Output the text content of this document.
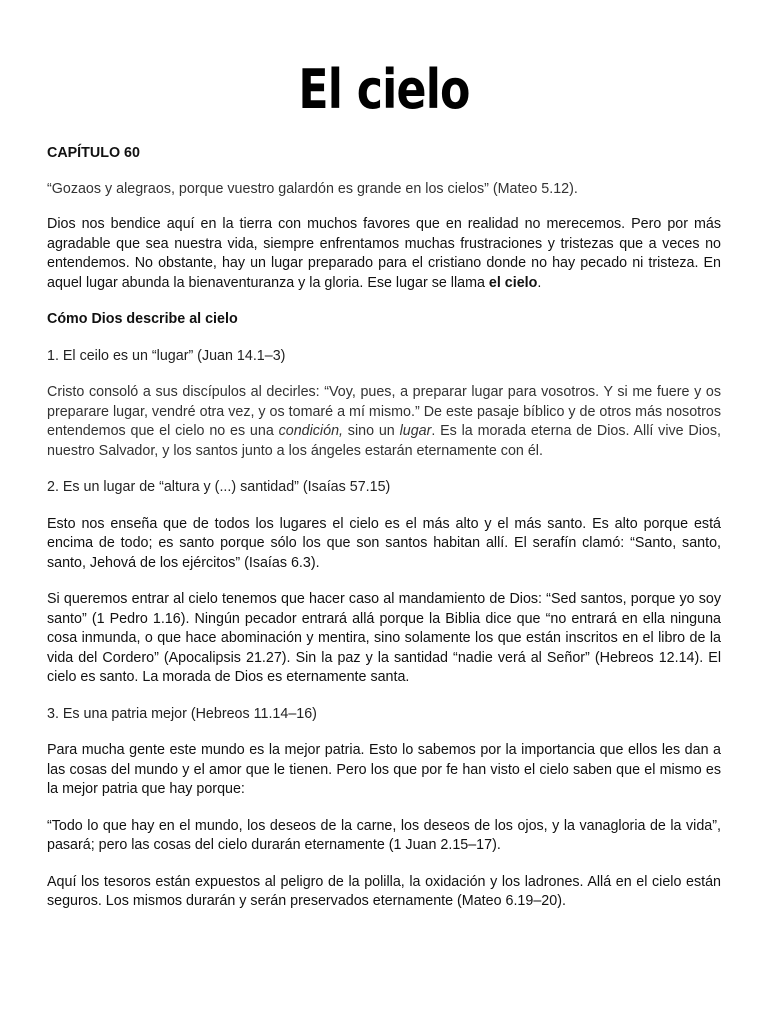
El cielo

CAPÍTULO 60

“Gozaos y alegraos, porque vuestro galardón es grande en los cielos” (Mateo 5.12).

Dios nos bendice aquí en la tierra con muchos favores que en realidad no merecemos. Pero por más agradable que sea nuestra vida, siempre enfrentamos muchas frustraciones y tristezas que a veces no entendemos. No obstante, hay un lugar preparado para el cristiano donde no hay pecado ni tristeza. En aquel lugar abunda la bienaventuranza y la gloria. Ese lugar se llama el cielo.

Cómo Dios describe al cielo

1. El ceilo es un “lugar” (Juan 14.1–3)

Cristo consoló a sus discípulos al decirles: “Voy, pues, a preparar lugar para vosotros. Y si me fuere y os preparare lugar, vendré otra vez, y os tomaré a mí mismo.” De este pasaje bíblico y de otros más nosotros entendemos que el cielo no es una condición, sino un lugar. Es la morada eterna de Dios. Allí vive Dios, nuestro Salvador, y los santos junto a los ángeles estarán eternamente con él.

2. Es un lugar de “altura y (...) santidad” (Isaías 57.15)

Esto nos enseña que de todos los lugares el cielo es el más alto y el más santo. Es alto porque está encima de todo; es santo porque sólo los que son santos habitan allí. El serafín clamó: “Santo, santo, santo, Jehová de los ejércitos” (Isaías 6.3).

Si queremos entrar al cielo tenemos que hacer caso al mandamiento de Dios: “Sed santos, porque yo soy santo” (1 Pedro 1.16). Ningún pecador entrará allá porque la Biblia dice que “no entrará en ella ninguna cosa inmunda, o que hace abominación y mentira, sino solamente los que están inscritos en el libro de la vida del Cordero” (Apocalipsis 21.27). Sin la paz y la santidad “nadie verá al Señor” (Hebreos 12.14). El cielo es santo. La morada de Dios es eternamente santa.

3. Es una patria mejor (Hebreos 11.14–16)

Para mucha gente este mundo es la mejor patria. Esto lo sabemos por la importancia que ellos les dan a las cosas del mundo y el amor que le tienen. Pero los que por fe han visto el cielo saben que el mismo es la mejor patria que hay porque:

“Todo lo que hay en el mundo, los deseos de la carne, los deseos de los ojos, y la vanagloria de la vida”, pasará; pero las cosas del cielo durarán eternamente (1 Juan 2.15–17).

Aquí los tesoros están expuestos al peligro de la polilla, la oxidación y los ladrones. Allá en el cielo están seguros. Los mismos durarán y serán preservados eternamente (Mateo 6.19–20).
